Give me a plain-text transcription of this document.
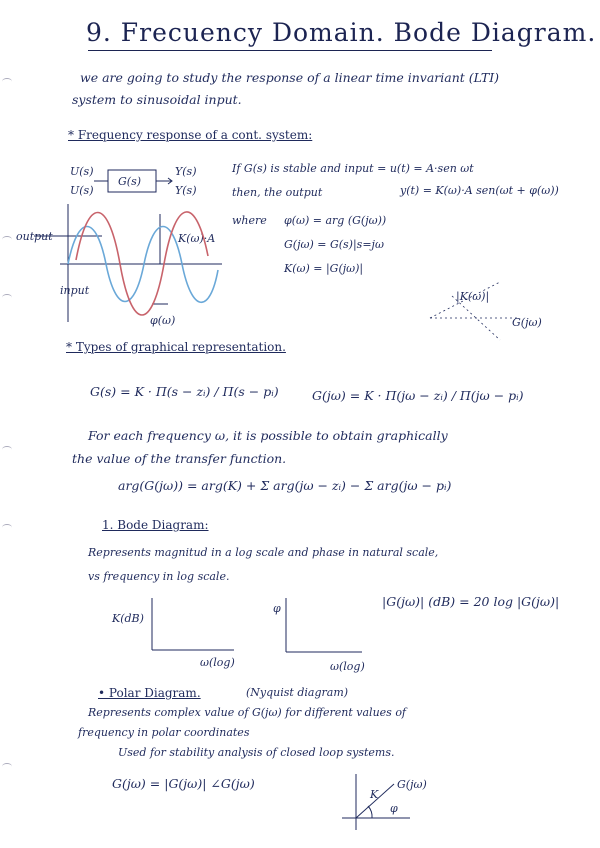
9. Frecuency Domain. Bode Diagram.
we are going to study the response of a linear time invariant (LTI)
system to sinusoidal input.
* Frequency response of a cont. system:
U(s)
U(s)
G(s)
Y(s)
Y(s)
If G(s) is stable and input = u(t) = A·sen ωt
then, the output	y(t) = K(ω)·A sen(ωt + φ(ω))
where φ(ω) = arg (G(jω))
G(jω) = G(s)|s=jω
K(ω) = |G(jω)|
output
input
K(ω)·A
φ(ω)
|K(ω)|
G(jω)
* Types of graphical representation.
G(s) = K · Π(s − zᵢ) / Π(s − pᵢ)	G(jω) = K · Π(jω − zᵢ) / Π(jω − pᵢ)
For each frequency ω, it is possible to obtain graphically
the value of the transfer function.
arg(G(jω)) = arg(K) + Σ arg(jω − zᵢ) − Σ arg(jω − pᵢ)
1. Bode Diagram:
Represents magnitud in a log scale and phase in natural scale,
vs frequency in log scale.
|G(jω)| (dB) = 20 log |G(jω)|
K(dB)
ω(log)
φ
ω(log)
• Polar Diagram.	(Nyquist diagram)
Represents complex value of G(jω) for different values of
frequency in polar coordinates
Used for stability analysis of closed loop systems.
G(jω) = |G(jω)| ∠G(jω)	G(jω)
K
φ
